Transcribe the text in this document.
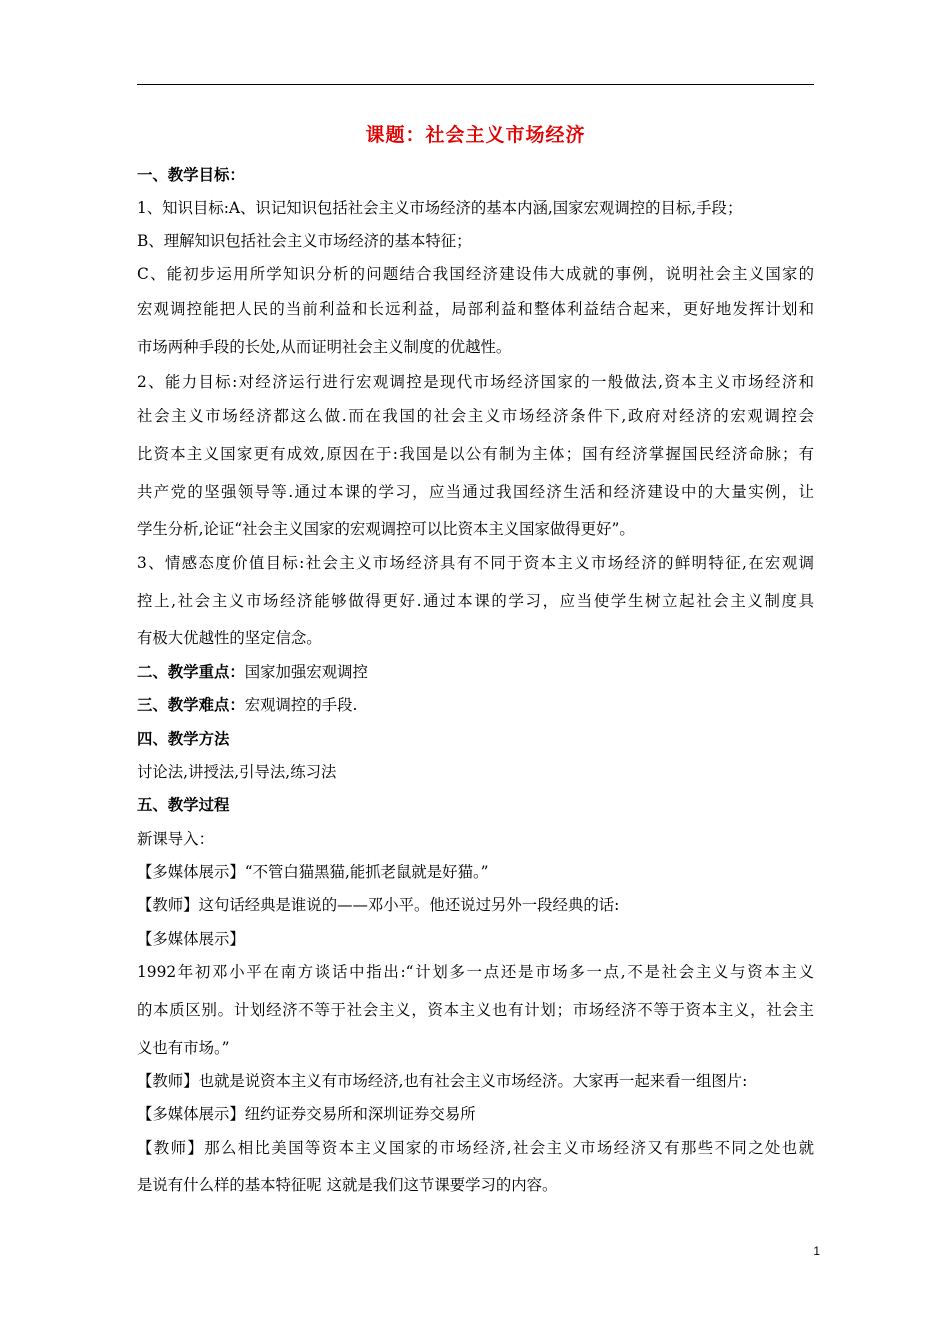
课题：社会主义市场经济
一、教学目标：
1、知识目标:A、识记知识包括社会主义市场经济的基本内涵,国家宏观调控的目标,手段；
B、理解知识包括社会主义市场经济的基本特征；
C、能初步运用所学知识分析的问题结合我国经济建设伟大成就的事例，说明社会主义国家的
宏观调控能把人民的当前利益和长远利益，局部利益和整体利益结合起来，更好地发挥计划和
市场两种手段的长处,从而证明社会主义制度的优越性。
2、能力目标:对经济运行进行宏观调控是现代市场经济国家的一般做法,资本主义市场经济和
社会主义市场经济都这么做.而在我国的社会主义市场经济条件下,政府对经济的宏观调控会
比资本主义国家更有成效,原因在于:我国是以公有制为主体；国有经济掌握国民经济命脉；有
共产党的坚强领导等.通过本课的学习，应当通过我国经济生活和经济建设中的大量实例，让
学生分析,论证“社会主义国家的宏观调控可以比资本主义国家做得更好”。
3、情感态度价值目标:社会主义市场经济具有不同于资本主义市场经济的鲜明特征,在宏观调
控上,社会主义市场经济能够做得更好.通过本课的学习，应当使学生树立起社会主义制度具
有极大优越性的坚定信念。
二、教学重点：国家加强宏观调控
三、教学难点：宏观调控的手段.
四、教学方法
讨论法,讲授法,引导法,练习法
五、教学过程
新课导入：
【多媒体展示】“不管白猫黑猫,能抓老鼠就是好猫。”
【教师】这句话经典是谁说的——邓小平。他还说过另外一段经典的话:
【多媒体展示】
1992年初邓小平在南方谈话中指出:“计划多一点还是市场多一点,不是社会主义与资本主义
的本质区别。计划经济不等于社会主义，资本主义也有计划；市场经济不等于资本主义，社会主
义也有市场。”
【教师】也就是说资本主义有市场经济,也有社会主义市场经济。大家再一起来看一组图片:
【多媒体展示】纽约证券交易所和深圳证券交易所
【教师】那么相比美国等资本主义国家的市场经济,社会主义市场经济又有那些不同之处也就
是说有什么样的基本特征呢 这就是我们这节课要学习的内容。
1
